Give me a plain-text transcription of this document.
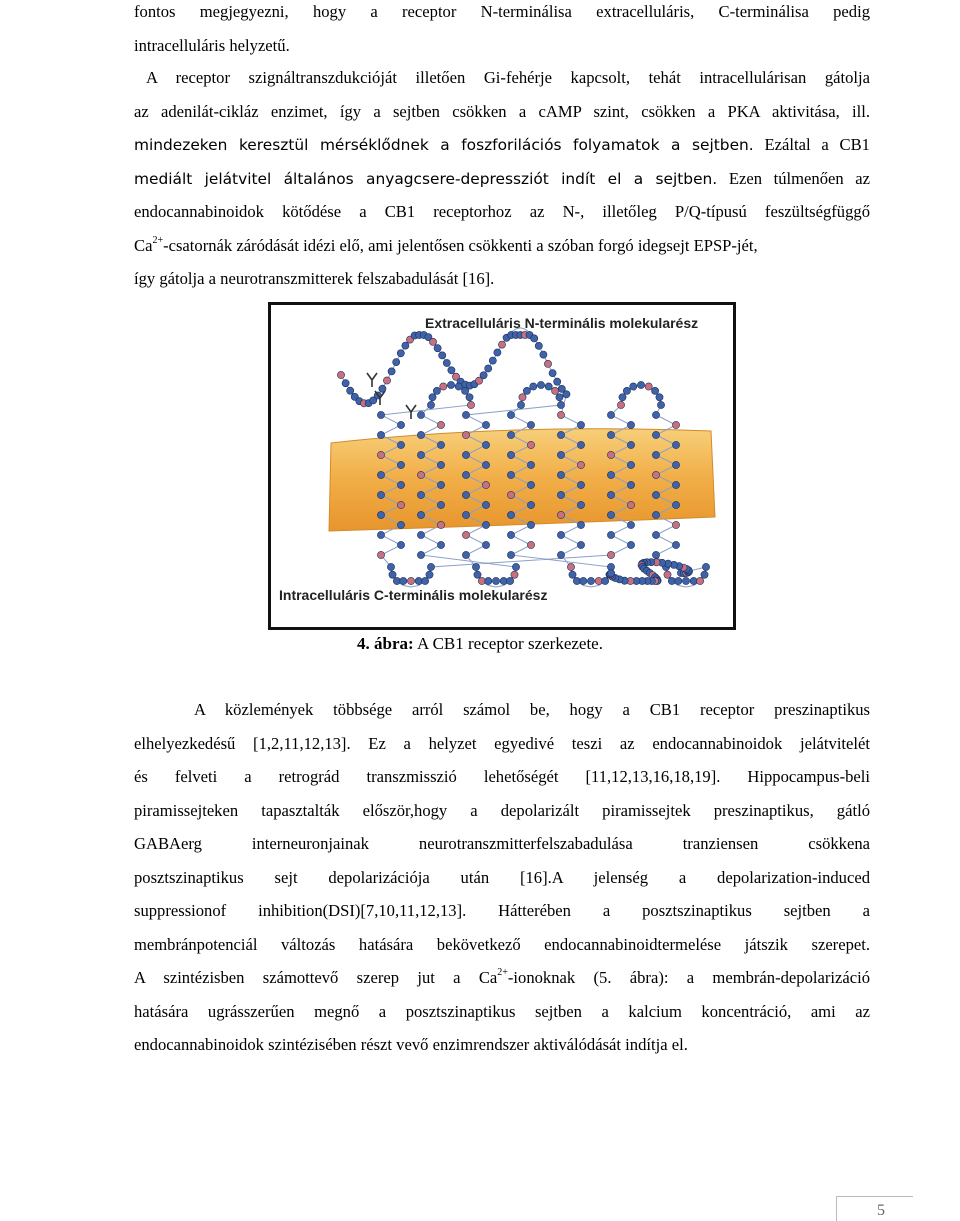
fontos megjegyezni, hogy a receptor N-terminálisa extracelluláris, C-terminálisa pedig
intracelluláris helyzetű.
A receptor szignáltranszdukcióját illetően Gi-fehérje kapcsolt, tehát intracellulárisan gátolja
az adenilát-cikláz enzimet, így a sejtben csökken a cAMP szint, csökken a PKA aktivitása, ill.
mindezeken keresztül mérséklődnek a foszforilációs folyamatok a sejtben. Ezáltal a CB1
mediált jelátvitel általános anyagcsere-depressziót indít el a sejtben. Ezen túlmenően az
endocannabinoidok kötődése a CB1 receptorhoz az N-, illetőleg P/Q-típusú feszültségfüggő
$Ca^{2+}$-csatornák záródását idézi elő, ami jelentősen csökkenti a szóban forgó idegsejt EPSP-jét,
így gátolja a neurotranszmitterek felszabadulását [16].
Extracelluláris N-terminális molekularész
Intracelluláris C-terminális molekularész
4. ábra: A CB1 receptor szerkezete.
A közlemények többsége arról számol be, hogy a CB1 receptor preszinaptikus
elhelyezkedésű [1,2,11,12,13]. Ez a helyzet egyedivé teszi az endocannabinoidok jelátvitelét
és felveti a retrográd transzmisszió lehetőségét [11,12,13,16,18,19]. Hippocampus-beli
piramissejteken tapasztalták először,hogy a depolarizált piramissejtek preszinaptikus, gátló
GABAerg interneuronjainak neurotranszmitterfelszabadulása tranziensen csökkena
posztszinaptikus sejt depolarizációja után [16].A jelenség a depolarization-induced
suppressionof inhibition(DSI)[7,10,11,12,13]. Hátterében a posztszinaptikus sejtben a
membránpotenciál változás hatására bekövetkező endocannabinoidtermelése játszik szerepet.
A szintézisben számottevő szerep jut a $Ca^{2+}$-ionoknak (5. ábra): a membrán-depolarizáció
hatására ugrásszerűen megnő a posztszinaptikus sejtben a kalcium koncentráció, ami az
endocannabinoidok szintézisében részt vevő enzimrendszer aktiválódását indítja el.
5
